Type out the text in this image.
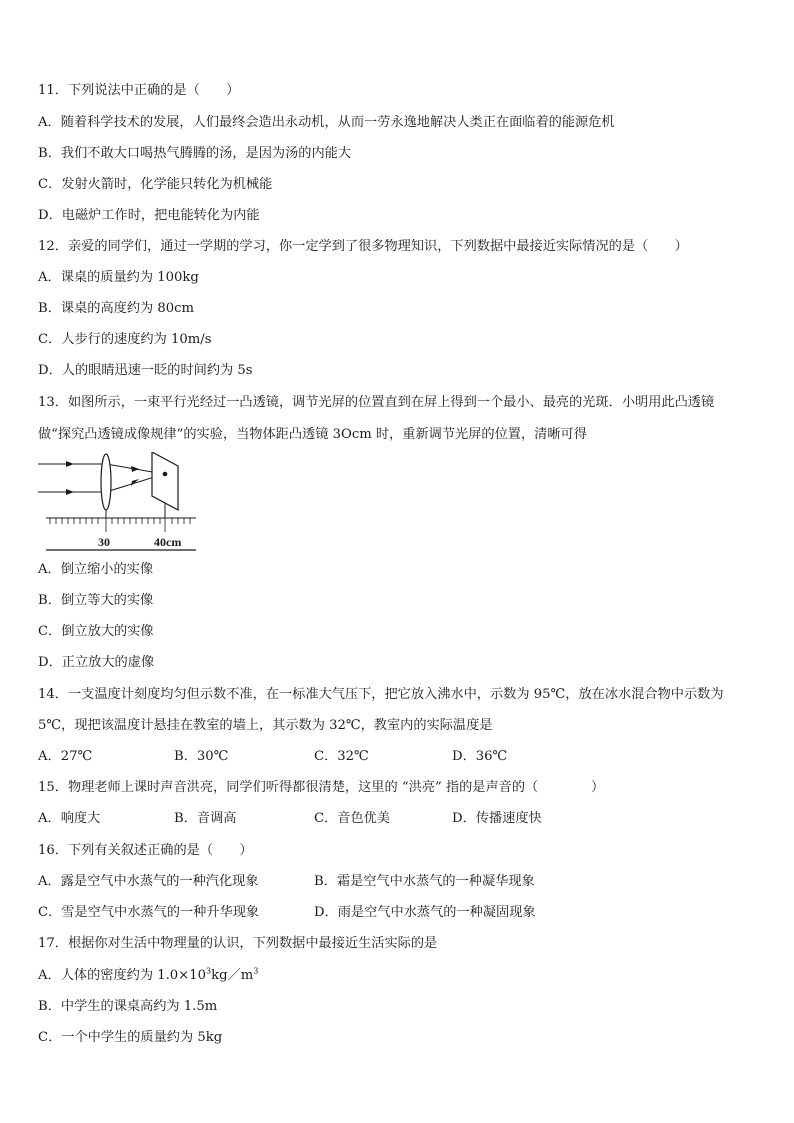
11．下列说法中正确的是（　　）
A．随着科学技术的发展，人们最终会造出永动机，从而一劳永逸地解决人类正在面临着的能源危机
B．我们不敢大口喝热气腾腾的汤，是因为汤的内能大
C．发射火箭时，化学能只转化为机械能
D．电磁炉工作时，把电能转化为内能
12．亲爱的同学们，通过一学期的学习，你一定学到了很多物理知识，下列数据中最接近实际情况的是（　　）
A．课桌的质量约为 100kg
B．课桌的高度约为 80cm
C．人步行的速度约为 10m/s
D．人的眼睛迅速一眨的时间约为 5s
13．如图所示，一束平行光经过一凸透镜，调节光屏的位置直到在屏上得到一个最小、最亮的光斑．小明用此凸透镜
做“探究凸透镜成像规律”的实验，当物体距凸透镜 3Ocm 时，重新调节光屏的位置，清晰可得
30	40cm
A．倒立缩小的实像
B．倒立等大的实像
C．倒立放大的实像
D．正立放大的虚像
14．一支温度计刻度均匀但示数不准，在一标准大气压下，把它放入沸水中，示数为 95℃，放在冰水混合物中示数为
5℃，现把该温度计悬挂在教室的墙上，其示数为 32℃，教室内的实际温度是
A．27℃	B．30℃	C．32℃	D．36℃
15．物理老师上课时声音洪亮，同学们听得都很清楚，这里的 “洪亮” 指的是声音的（　　　　）
A．响度大	B．音调高	C．音色优美	D．传播速度快
16．下列有关叙述正确的是（　　）
A．露是空气中水蒸气的一种汽化现象	B．霜是空气中水蒸气的一种凝华现象
C．雪是空气中水蒸气的一种升华现象	D．雨是空气中水蒸气的一种凝固现象
17．根据你对生活中物理量的认识，下列数据中最接近生活实际的是
A．人体的密度约为 $1.0\times 10^3kg/m^3$
B．中学生的课桌高约为 1.5m
C．一个中学生的质量约为 5kg
